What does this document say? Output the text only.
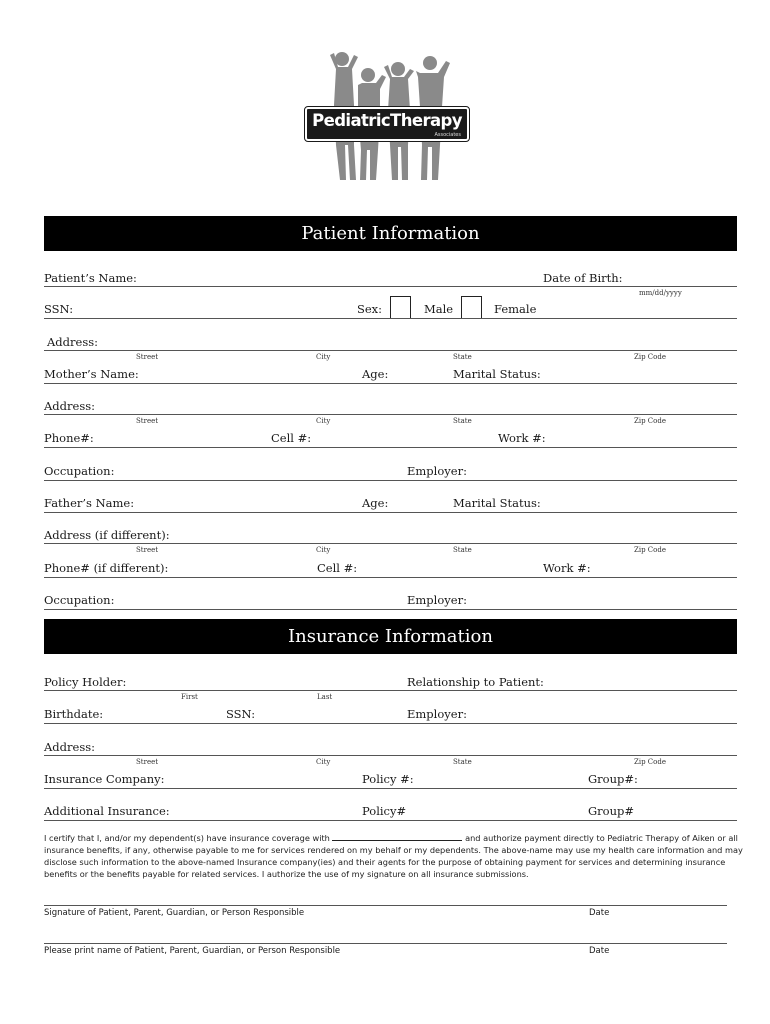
PediatricTherapy
Associates
Patient Information
Patient’s Name:	Date of Birth:
mm/dd/yyyy
SSN:	Sex:	Male	Female
Address:
Street	City	State	Zip Code
Mother’s Name:	Age:	Marital Status:
Address:
Street	City	State	Zip Code
Phone#:	Cell #:	Work #:
Occupation:	Employer:
Father’s Name:	Age:	Marital Status:
Address (if different):
Street	City	State	Zip Code
Phone# (if different):	Cell #:	Work #:
Occupation:	Employer:
Insurance Information
Policy Holder:	Relationship to Patient:
First	Last
Birthdate:	SSN:	Employer:
Address:
Street	City	State	Zip Code
Insurance Company:	Policy #:	Group#:
Additional Insurance:	Policy#	Group#
I certify that I, and/or my dependent(s) have insurance coverage with	and authorize payment directly to Pediatric Therapy of Aiken or all insurance benefits, if any, otherwise payable to me for services rendered on my behalf or my dependents. The above-name may use my health care information and may disclose such information to the above-named Insurance company(ies) and their agents for the purpose of obtaining payment for services and determining insurance benefits or the benefits payable for related services. I authorize the use of my signature on all insurance submissions.
Signature of Patient, Parent, Guardian, or Person Responsible	Date
Please print name of Patient, Parent, Guardian, or Person Responsible	Date
